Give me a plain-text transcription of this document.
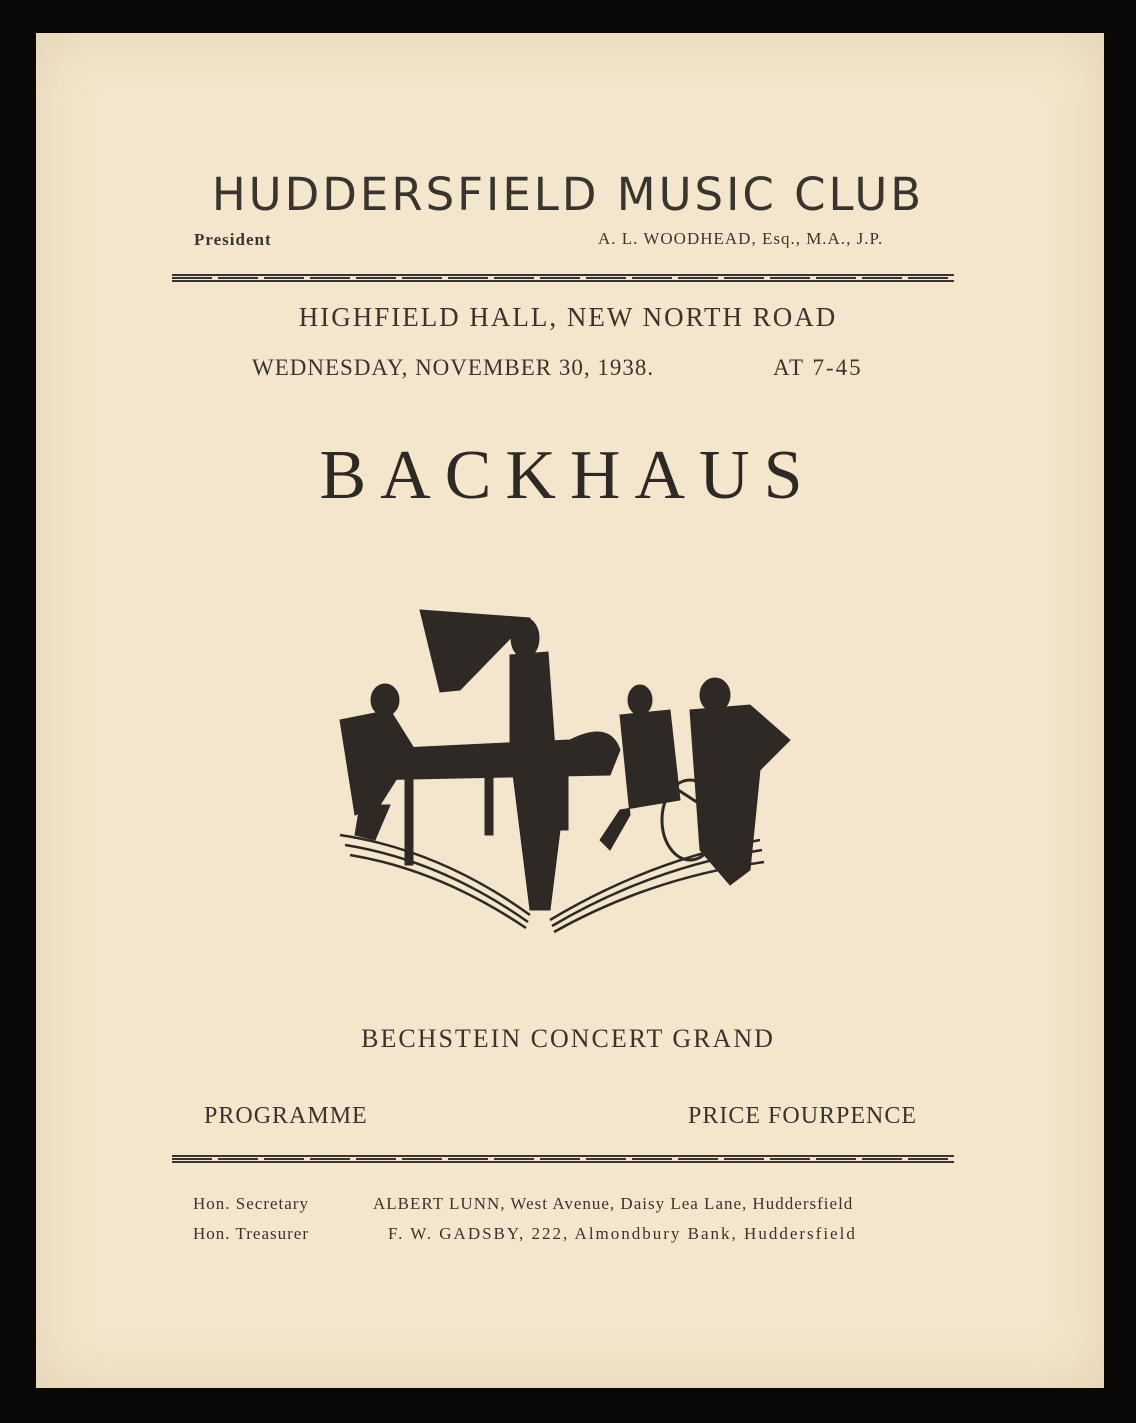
HUDDERSFIELD MUSIC CLUB
President	A. L. WOODHEAD, Esq., M.A., J.P.
HIGHFIELD HALL, NEW NORTH ROAD
WEDNESDAY, NOVEMBER 30, 1938.	AT 7-45
BACKHAUS
BECHSTEIN CONCERT GRAND
PROGRAMME	PRICE FOURPENCE
Hon. Secretary	ALBERT LUNN, West Avenue, Daisy Lea Lane, Huddersfield
Hon. Treasurer	F. W. GADSBY, 222, Almondbury Bank, Huddersfield
